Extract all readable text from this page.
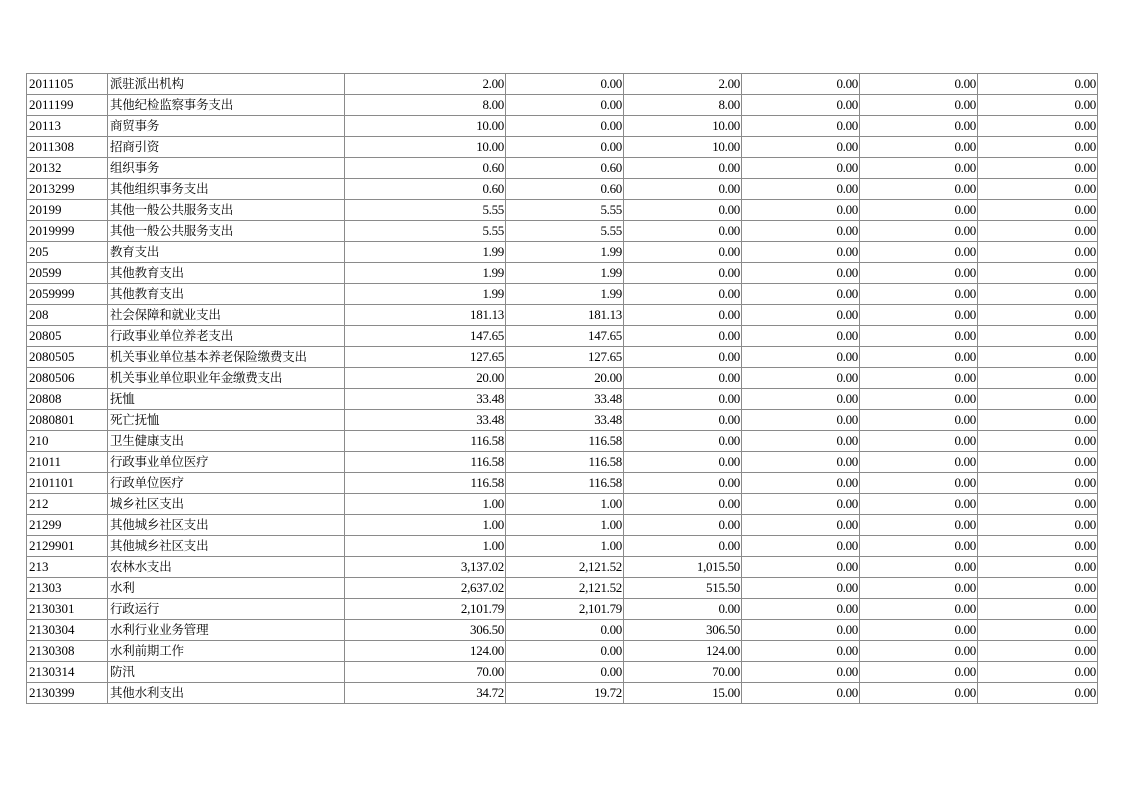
2011105	派驻派出机构	2.00	0.00	2.00	0.00	0.00	0.00
2011199	其他纪检监察事务支出	8.00	0.00	8.00	0.00	0.00	0.00
20113	商贸事务	10.00	0.00	10.00	0.00	0.00	0.00
2011308	招商引资	10.00	0.00	10.00	0.00	0.00	0.00
20132	组织事务	0.60	0.60	0.00	0.00	0.00	0.00
2013299	其他组织事务支出	0.60	0.60	0.00	0.00	0.00	0.00
20199	其他一般公共服务支出	5.55	5.55	0.00	0.00	0.00	0.00
2019999	其他一般公共服务支出	5.55	5.55	0.00	0.00	0.00	0.00
205	教育支出	1.99	1.99	0.00	0.00	0.00	0.00
20599	其他教育支出	1.99	1.99	0.00	0.00	0.00	0.00
2059999	其他教育支出	1.99	1.99	0.00	0.00	0.00	0.00
208	社会保障和就业支出	181.13	181.13	0.00	0.00	0.00	0.00
20805	行政事业单位养老支出	147.65	147.65	0.00	0.00	0.00	0.00
2080505	机关事业单位基本养老保险缴费支出	127.65	127.65	0.00	0.00	0.00	0.00
2080506	机关事业单位职业年金缴费支出	20.00	20.00	0.00	0.00	0.00	0.00
20808	抚恤	33.48	33.48	0.00	0.00	0.00	0.00
2080801	死亡抚恤	33.48	33.48	0.00	0.00	0.00	0.00
210	卫生健康支出	116.58	116.58	0.00	0.00	0.00	0.00
21011	行政事业单位医疗	116.58	116.58	0.00	0.00	0.00	0.00
2101101	行政单位医疗	116.58	116.58	0.00	0.00	0.00	0.00
212	城乡社区支出	1.00	1.00	0.00	0.00	0.00	0.00
21299	其他城乡社区支出	1.00	1.00	0.00	0.00	0.00	0.00
2129901	其他城乡社区支出	1.00	1.00	0.00	0.00	0.00	0.00
213	农林水支出	3,137.02	2,121.52	1,015.50	0.00	0.00	0.00
21303	水利	2,637.02	2,121.52	515.50	0.00	0.00	0.00
2130301	行政运行	2,101.79	2,101.79	0.00	0.00	0.00	0.00
2130304	水利行业业务管理	306.50	0.00	306.50	0.00	0.00	0.00
2130308	水利前期工作	124.00	0.00	124.00	0.00	0.00	0.00
2130314	防汛	70.00	0.00	70.00	0.00	0.00	0.00
2130399	其他水利支出	34.72	19.72	15.00	0.00	0.00	0.00
